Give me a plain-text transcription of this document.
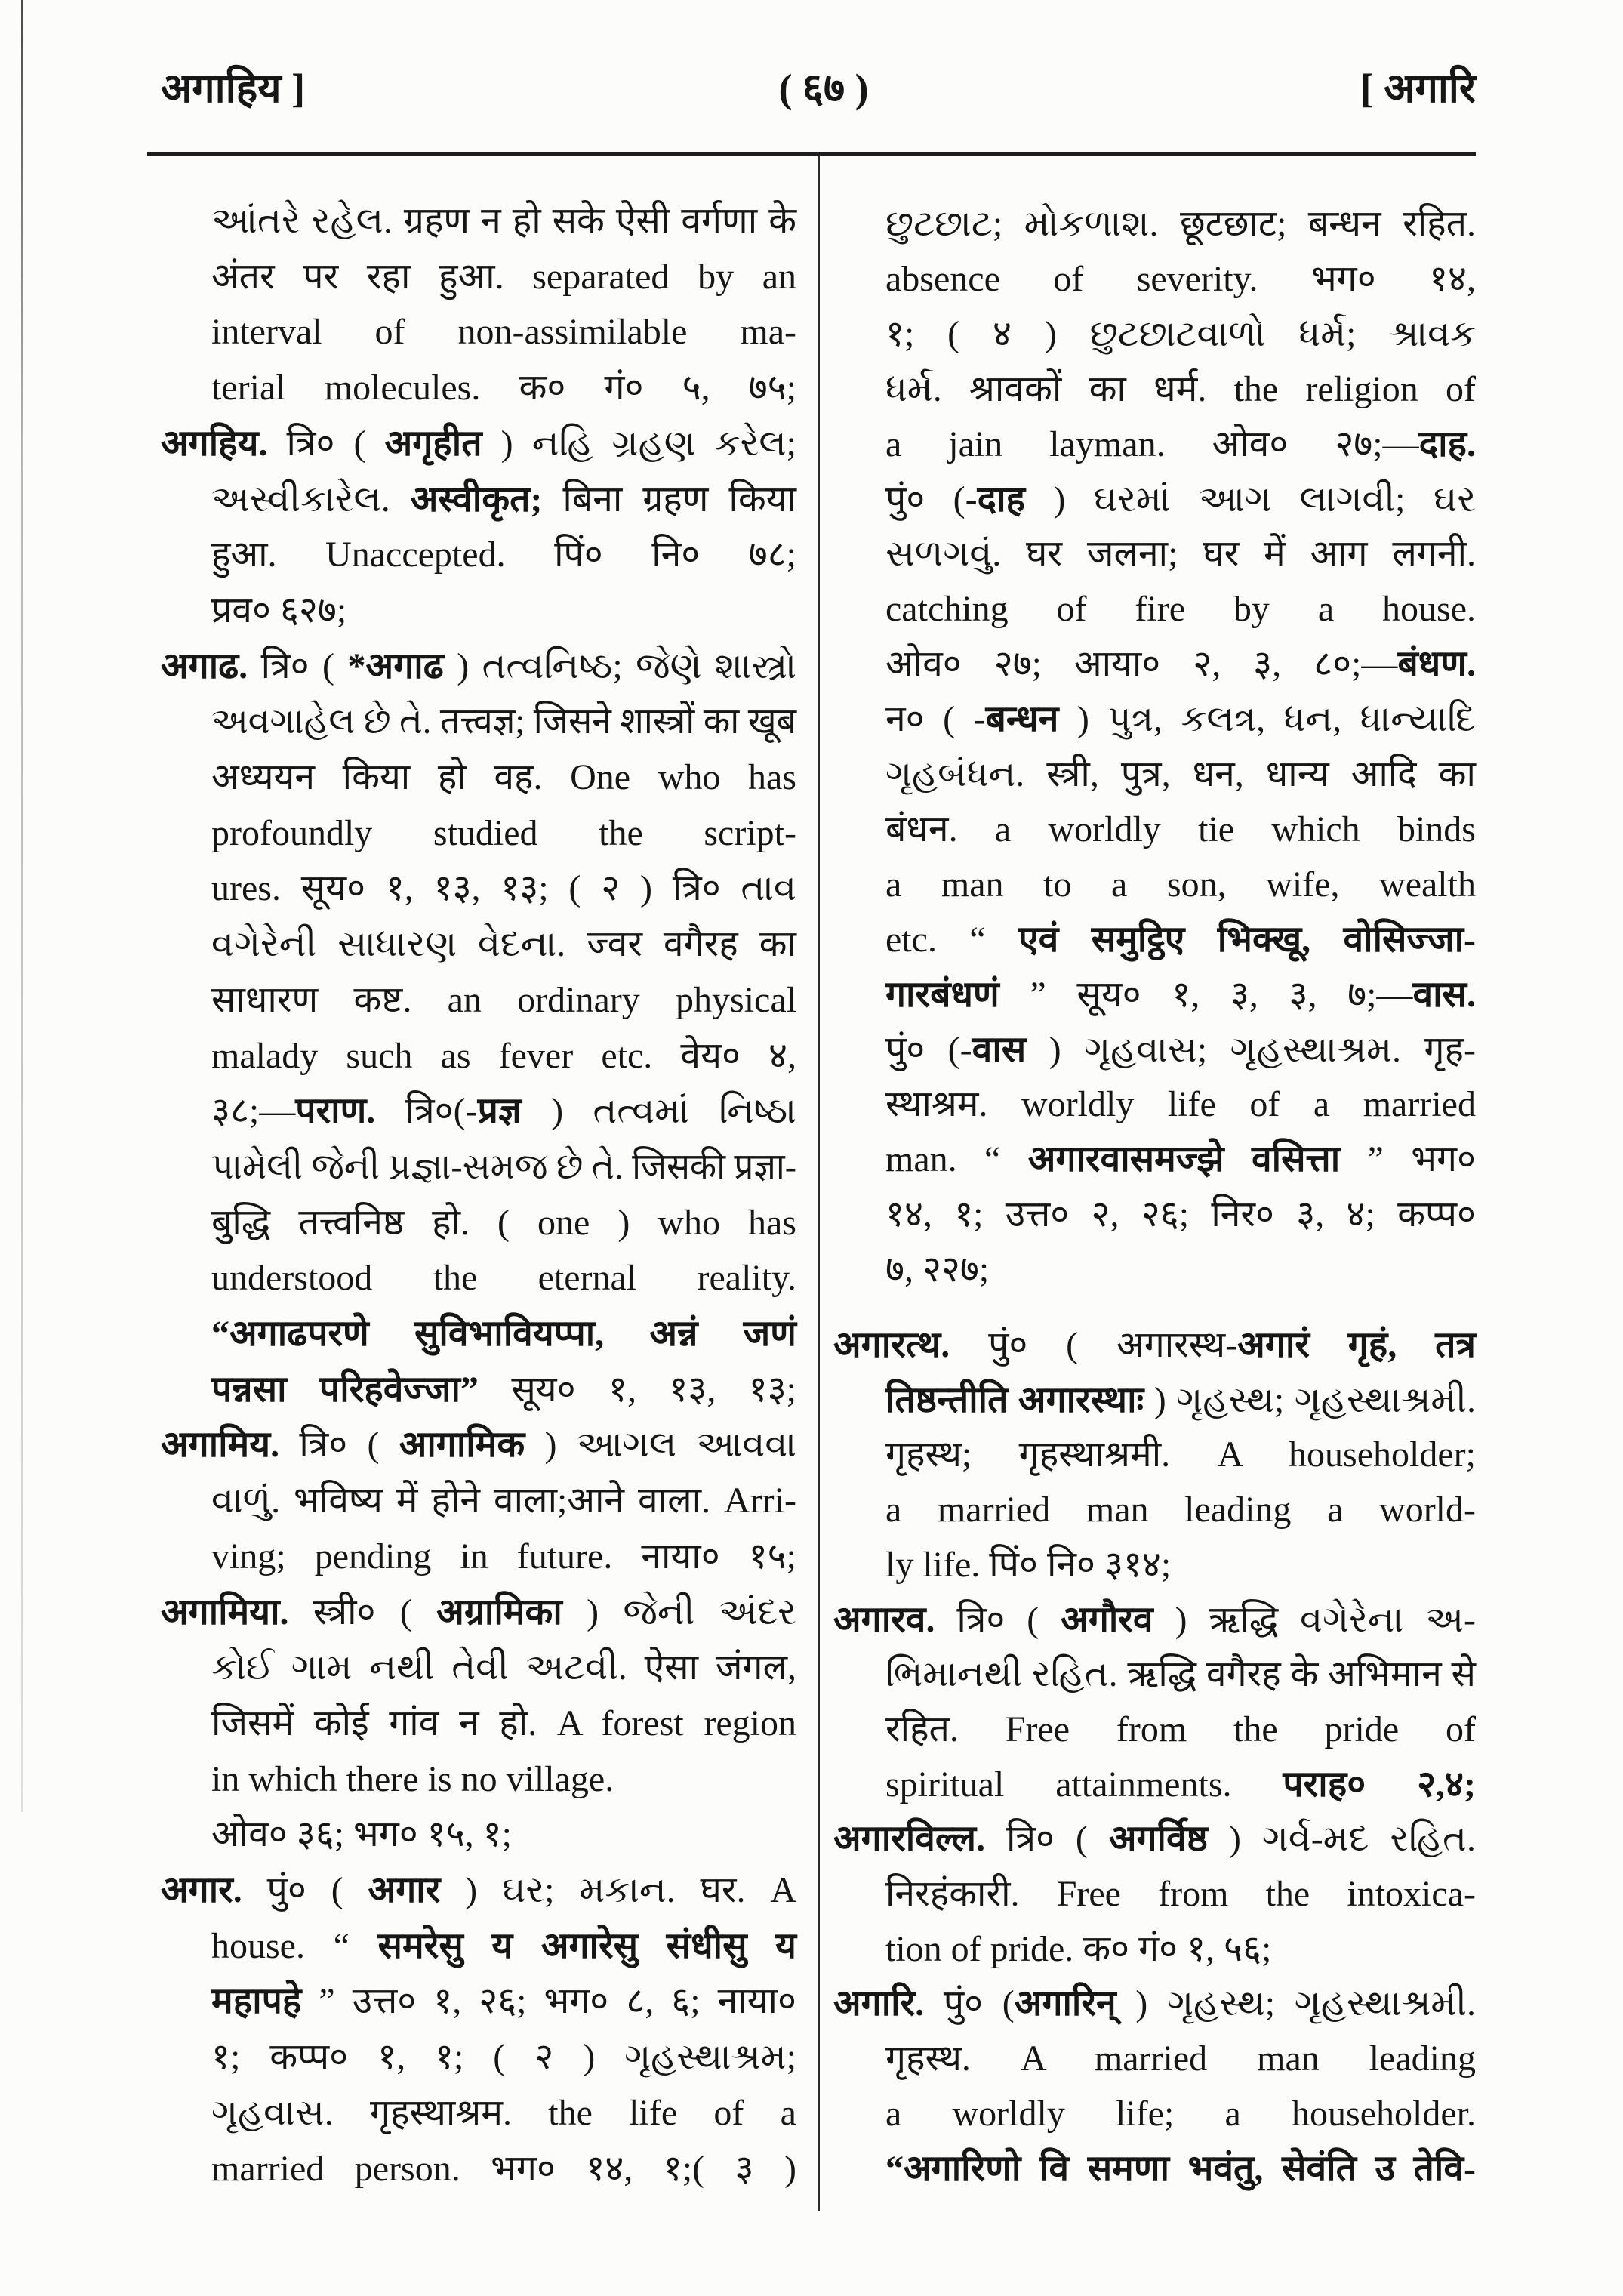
अगाहिय ]	( ६७ )	[ अगारि
આંતરે રહેલ. ग्रहण न हो सके ऐसी वर्गणा के
अंतर पर रहा हुआ. separated by an
interval of non-assimilable ma-
terial molecules. क० गं० ५, ७५;
अगहिय. त्रि० ( अगृहीत ) નહિ ગ્રહણ કરેલ;
અસ્વીકારેલ. अस्वीकृत; बिना ग्रहण किया
हुआ. Unaccepted. पिं० नि० ७८;
प्रव० ६२७;
अगाढ. त्रि० ( *अगाढ ) તત્વનિષ્ઠ; જેણે શાસ્ત્રો
અવગાહેલ છે તે. तत्त्वज्ञ; जिसने शास्त्रों का खूब
अध्ययन किया हो वह. One who has
profoundly studied the script-
ures. सूय० १, १३, १३; ( २ ) त्रि० તાવ
વગેરેની સાધારણ વેદના. ज्वर वगैरह का
साधारण कष्ट. an ordinary physical
malady such as fever etc. वेय० ४,
३८;—पराण. त्रि०(-प्रज्ञ ) તત્વમાં નિષ્ઠા
પામેલી જેની પ્રજ્ઞા-સમજ છે તે. जिसकी प्रज्ञा-
बुद्धि तत्त्वनिष्ठ हो. ( one ) who has
understood the eternal reality.
“अगाढपरणे सुविभावियप्पा, अन्नं जणं
पन्नसा परिहवेज्जा” सूय० १, १३, १३;
अगामिय. त्रि० ( आगामिक ) આગલ આવવા
વાળું. भविष्य में होने वाला;आने वाला. Arri-
ving; pending in future. नाया० १५;
अगामिया. स्त्री० ( अग्रामिका ) જેની અંદર
કોઈ ગામ નથી તેવી અટવી. ऐसा जंगल,
जिसमें कोई गांव न हो. A forest region
in which there is no village.
ओव० ३६; भग० १५, १;
अगार. पुं० ( अगार ) ઘર; મકાન. घर. A
house. “ समरेसु य अगारेसु संधीसु य
महापहे ” उत्त० १, २६; भग० ८, ६; नाया०
१; कप्प० १, १; ( २ ) ગૃહસ્થાશ્રમ;
ગૃહવાસ. गृहस्थाश्रम. the life of a
married person. भग० १४, १;( ३ )
છુટછાટ; મોકળાશ. छूटछाट; बन्धन रहित.
absence of severity. भग० १४,
१; ( ४ ) છુટછાટવાળો ધર્મ; શ્રાવક
ધર્મ. श्रावकों का धर्म. the religion of
a jain layman. ओव० २७;—दाह.
पुं० (-दाह ) ઘરમાં આગ લાગવી; ઘર
સળગવું. घर जलना; घर में आग लगनी.
catching of fire by a house.
ओव० २७; आया० २, ३, ८०;—बंधण.
न० ( -बन्धन ) પુત્ર, કલત્ર, ધન, ધાન્યાદિ
ગૃહબંધન. स्त्री, पुत्र, धन, धान्य आदि का
बंधन. a worldly tie which binds
a man to a son, wife, wealth
etc. “ एवं समुट्ठिए भिक्खू, वोसिज्जा-
गारबंधणं ” सूय० १, ३, ३, ७;—वास.
पुं० (-वास ) ગૃહવાસ; ગૃહસ્થાશ્રમ. गृह-
स्थाश्रम. worldly life of a married
man. “ अगारवासमज्झे वसित्ता ” भग०
१४, १; उत्त० २, २६; निर० ३, ४; कप्प०
७, २२७;
अगारत्थ. पुं० ( अगारस्थ-अगारं गृहं, तत्र
तिष्ठन्तीति अगारस्थाः ) ગૃહસ્થ; ગૃહસ્થાશ્રમી.
गृहस्थ; गृहस्थाश्रमी. A householder;
a married man leading a world-
ly life. पिं० नि० ३१४;
अगारव. त्रि० ( अगौरव ) ऋद्धि વગેરેના અ-
ભિમાનથી રહિત. ऋद्धि वगैरह के अभिमान से
रहित. Free from the pride of
spiritual attainments. पराह० २,४;
अगारविल्ल. त्रि० ( अगर्विष्ठ ) ગર્વ-મદ રહિત.
निरहंकारी. Free from the intoxica-
tion of pride. क० गं० १, ५६;
अगारि. पुं० (अगारिन् ) ગૃહસ્થ; ગૃહસ્થાશ્રમી.
गृहस्थ. A married man leading
a worldly life; a householder.
“अगारिणो वि समणा भवंतु, सेवंति उ तेवि-
